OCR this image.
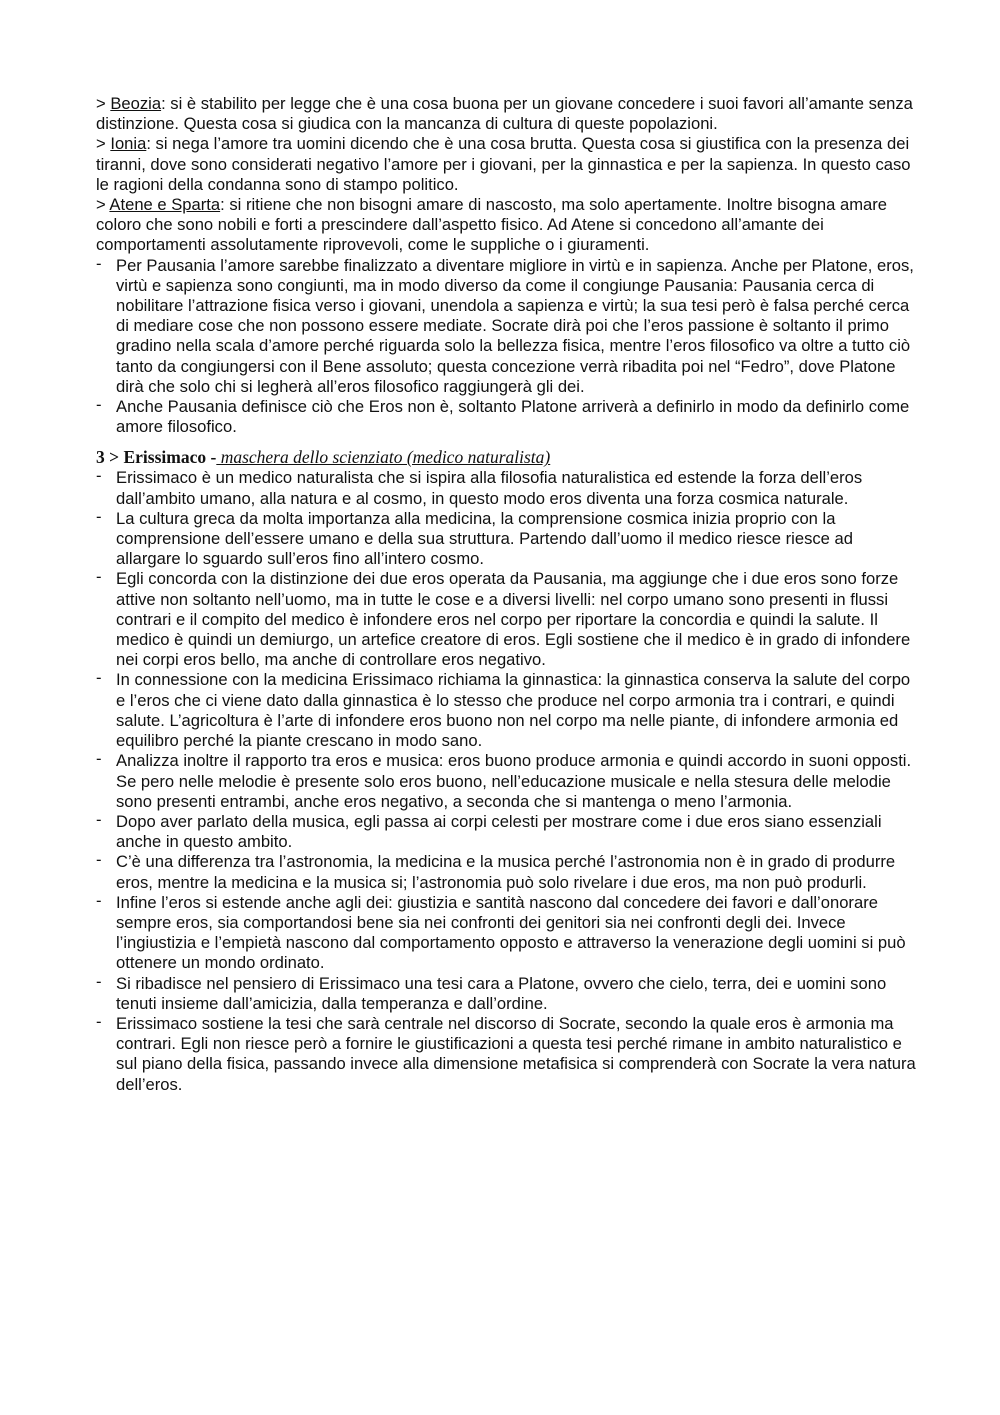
> Beozia: si è stabilito per legge che è una cosa buona per un giovane concedere i suoi favori all’amante senza distinzione. Questa cosa si giudica con la mancanza di cultura di queste popolazioni.

> Ionia: si nega l’amore tra uomini dicendo che è una cosa brutta. Questa cosa si giustifica con la presenza dei tiranni, dove sono considerati negativo l’amore per i giovani, per la ginnastica e per la sapienza. In questo caso le ragioni della condanna sono di stampo politico.

> Atene e Sparta: si ritiene che non bisogni amare di nascosto, ma solo apertamente. Inoltre bisogna amare coloro che sono nobili e forti a prescindere dall’aspetto fisico. Ad Atene si concedono all’amante dei comportamenti assolutamente riprovevoli, come le suppliche o i giuramenti.

- Per Pausania l’amore sarebbe finalizzato a diventare migliore in virtù e in sapienza. Anche per Platone, eros, virtù e sapienza sono congiunti, ma in modo diverso da come il congiunge Pausania: Pausania cerca di nobilitare l’attrazione fisica verso i giovani, unendola a sapienza e virtù; la sua tesi però è falsa perché cerca di mediare cose che non possono essere mediate. Socrate dirà poi che l’eros passione è soltanto il primo gradino nella scala d’amore perché riguarda solo la bellezza fisica, mentre l’eros filosofico va oltre a tutto ciò tanto da congiungersi con il Bene assoluto; questa concezione verrà ribadita poi nel “Fedro”, dove Platone dirà che solo chi si legherà all’eros filosofico raggiungerà gli dei.
- Anche Pausania definisce ciò che Eros non è, soltanto Platone arriverà a definirlo in modo da definirlo come amore filosofico.
3 > Erissimaco - maschera dello scienziato (medico naturalista)
- Erissimaco è un medico naturalista che si ispira alla filosofia naturalistica ed estende la forza dell’eros dall’ambito umano, alla natura e al cosmo, in questo modo eros diventa una forza cosmica naturale.
- La cultura greca da molta importanza alla medicina, la comprensione cosmica inizia proprio con la comprensione dell’essere umano e della sua struttura. Partendo dall’uomo il medico riesce riesce ad allargare lo sguardo sull’eros fino all’intero cosmo.
- Egli concorda con la distinzione dei due eros operata da Pausania, ma aggiunge che i due eros sono forze attive non soltanto nell’uomo, ma in tutte le cose e a diversi livelli: nel corpo umano sono presenti in flussi contrari e il compito del medico è infondere eros nel corpo per riportare la concordia e quindi la salute. Il medico è quindi un demiurgo, un artefice creatore di eros. Egli sostiene che il medico è in grado di infondere nei corpi eros bello, ma anche di controllare eros negativo.
- In connessione con la medicina Erissimaco richiama la ginnastica: la ginnastica conserva la salute del corpo e l’eros che ci viene dato dalla ginnastica è lo stesso che produce nel corpo armonia tra i contrari, e quindi salute. L’agricoltura è l’arte di infondere eros buono non nel corpo ma nelle piante, di infondere armonia ed equilibro perché la piante crescano in modo sano.
- Analizza inoltre il rapporto tra eros e musica: eros buono produce armonia e quindi accordo in suoni opposti. Se pero nelle melodie è presente solo eros buono, nell’educazione musicale e nella stesura delle melodie sono presenti entrambi, anche eros negativo, a seconda che si mantenga o meno l’armonia.
- Dopo aver parlato della musica, egli passa ai corpi celesti per mostrare come i due eros siano essenziali anche in questo ambito.
- C’è una differenza tra l’astronomia, la medicina e la musica perché l’astronomia non è in grado di produrre eros, mentre la medicina e la musica si; l’astronomia può solo rivelare i due eros, ma non può produrli.
- Infine l’eros si estende anche agli dei: giustizia e santità nascono dal concedere dei favori e dall’onorare sempre eros, sia comportandosi bene sia nei confronti dei genitori sia nei confronti degli dei. Invece l’ingiustizia e l’empietà nascono dal comportamento opposto e attraverso la venerazione degli uomini si può ottenere un mondo ordinato.
- Si ribadisce nel pensiero di Erissimaco una tesi cara a Platone, ovvero che cielo, terra, dei e uomini sono tenuti insieme dall’amicizia, dalla temperanza e dall’ordine.
- Erissimaco sostiene la tesi che sarà centrale nel discorso di Socrate, secondo la quale eros è armonia ma contrari. Egli non riesce però a fornire le giustificazioni a questa tesi perché rimane in ambito naturalistico e sul piano della fisica, passando invece alla dimensione metafisica si comprenderà con Socrate la vera natura dell’eros.
